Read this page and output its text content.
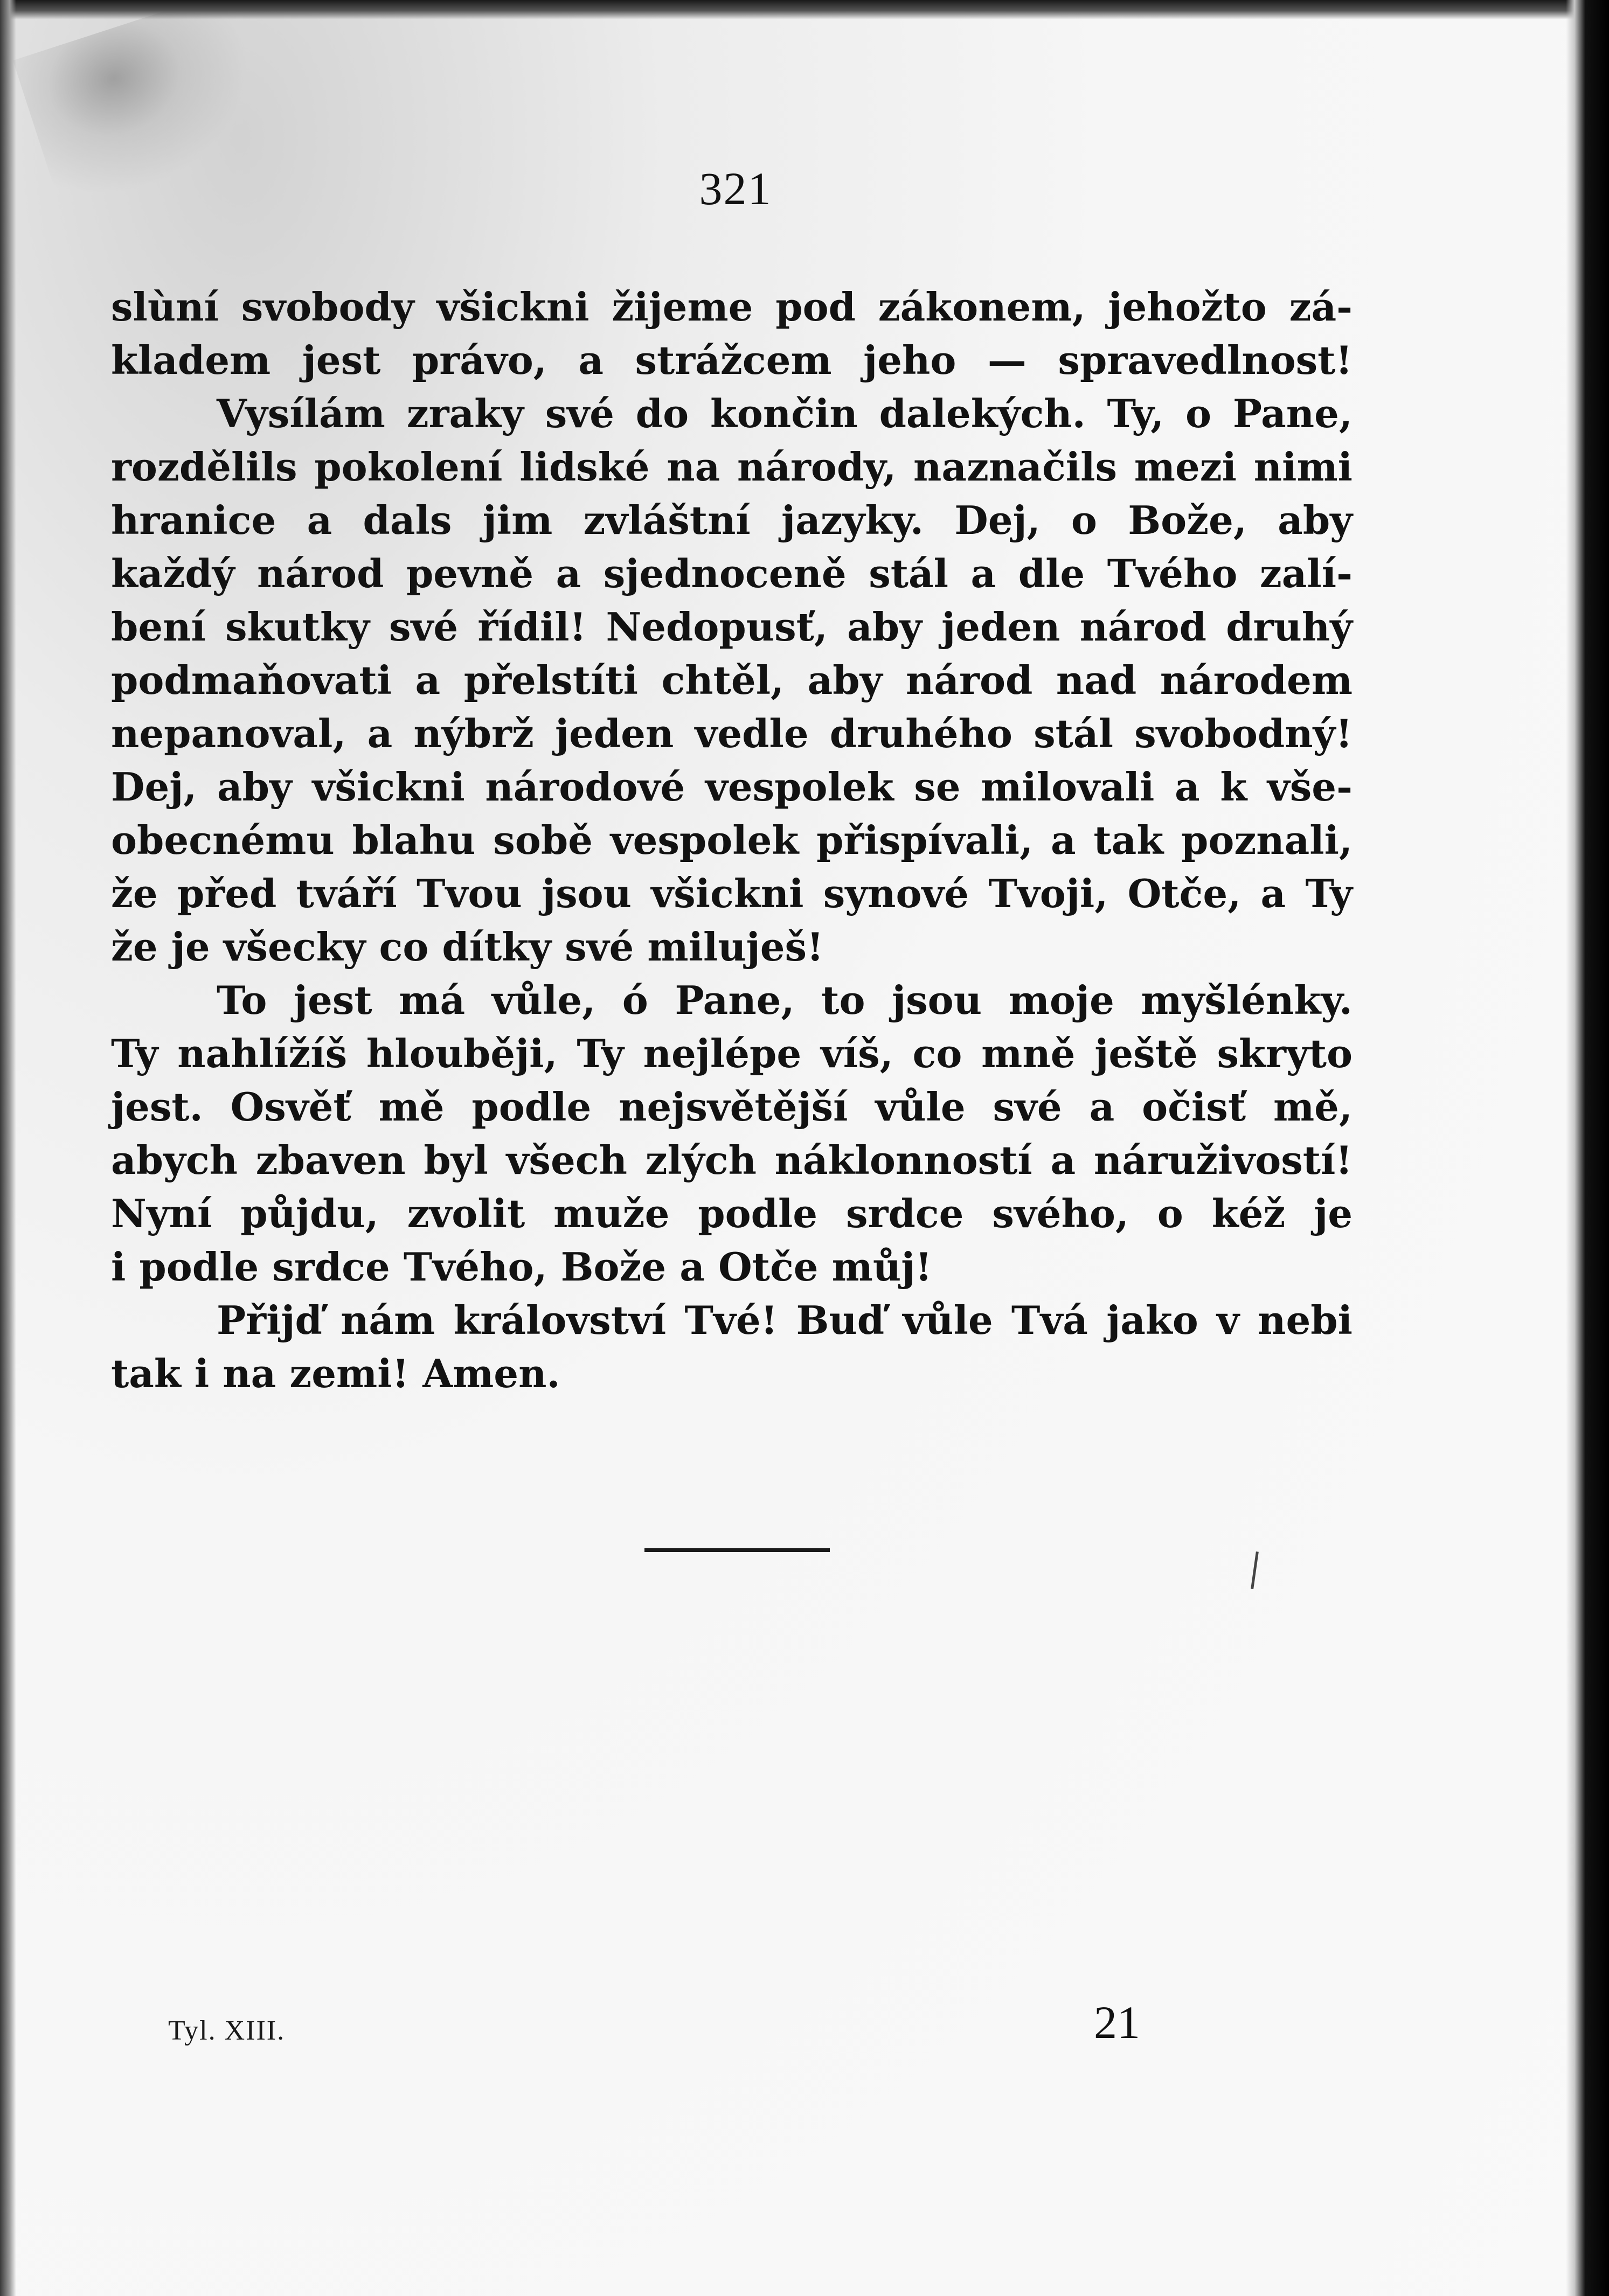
321
slùní svobody všickni žijeme pod zákonem, jehožto zá-
kladem jest právo, a strážcem jeho — spravedlnost!
Vysílám zraky své do končin dalekých. Ty, o Pane,
rozdělils pokolení lidské na národy, naznačils mezi nimi
hranice a dals jim zvláštní jazyky. Dej, o Bože, aby
každý národ pevně a sjednoceně stál a dle Tvého zalí-
bení skutky své řídil! Nedopusť, aby jeden národ druhý
podmaňovati a přelstíti chtěl, aby národ nad národem
nepanoval, a nýbrž jeden vedle druhého stál svobodný!
Dej, aby všickni národové vespolek se milovali a k vše-
obecnému blahu sobě vespolek přispívali, a tak poznali,
že před tváří Tvou jsou všickni synové Tvoji, Otče, a Ty
že je všecky co dítky své miluješ!
To jest má vůle, ó Pane, to jsou moje myšlénky.
Ty nahlížíš hlouběji, Ty nejlépe víš, co mně ještě skryto
jest. Osvěť mě podle nejsvětější vůle své a očisť mě,
abych zbaven byl všech zlých náklonností a náruživostí!
Nyní půjdu, zvolit muže podle srdce svého, o kéž je
i podle srdce Tvého, Bože a Otče můj!
Přijď nám království Tvé! Buď vůle Tvá jako v nebi
tak i na zemi! Amen.
Tyl. XIII.	21
